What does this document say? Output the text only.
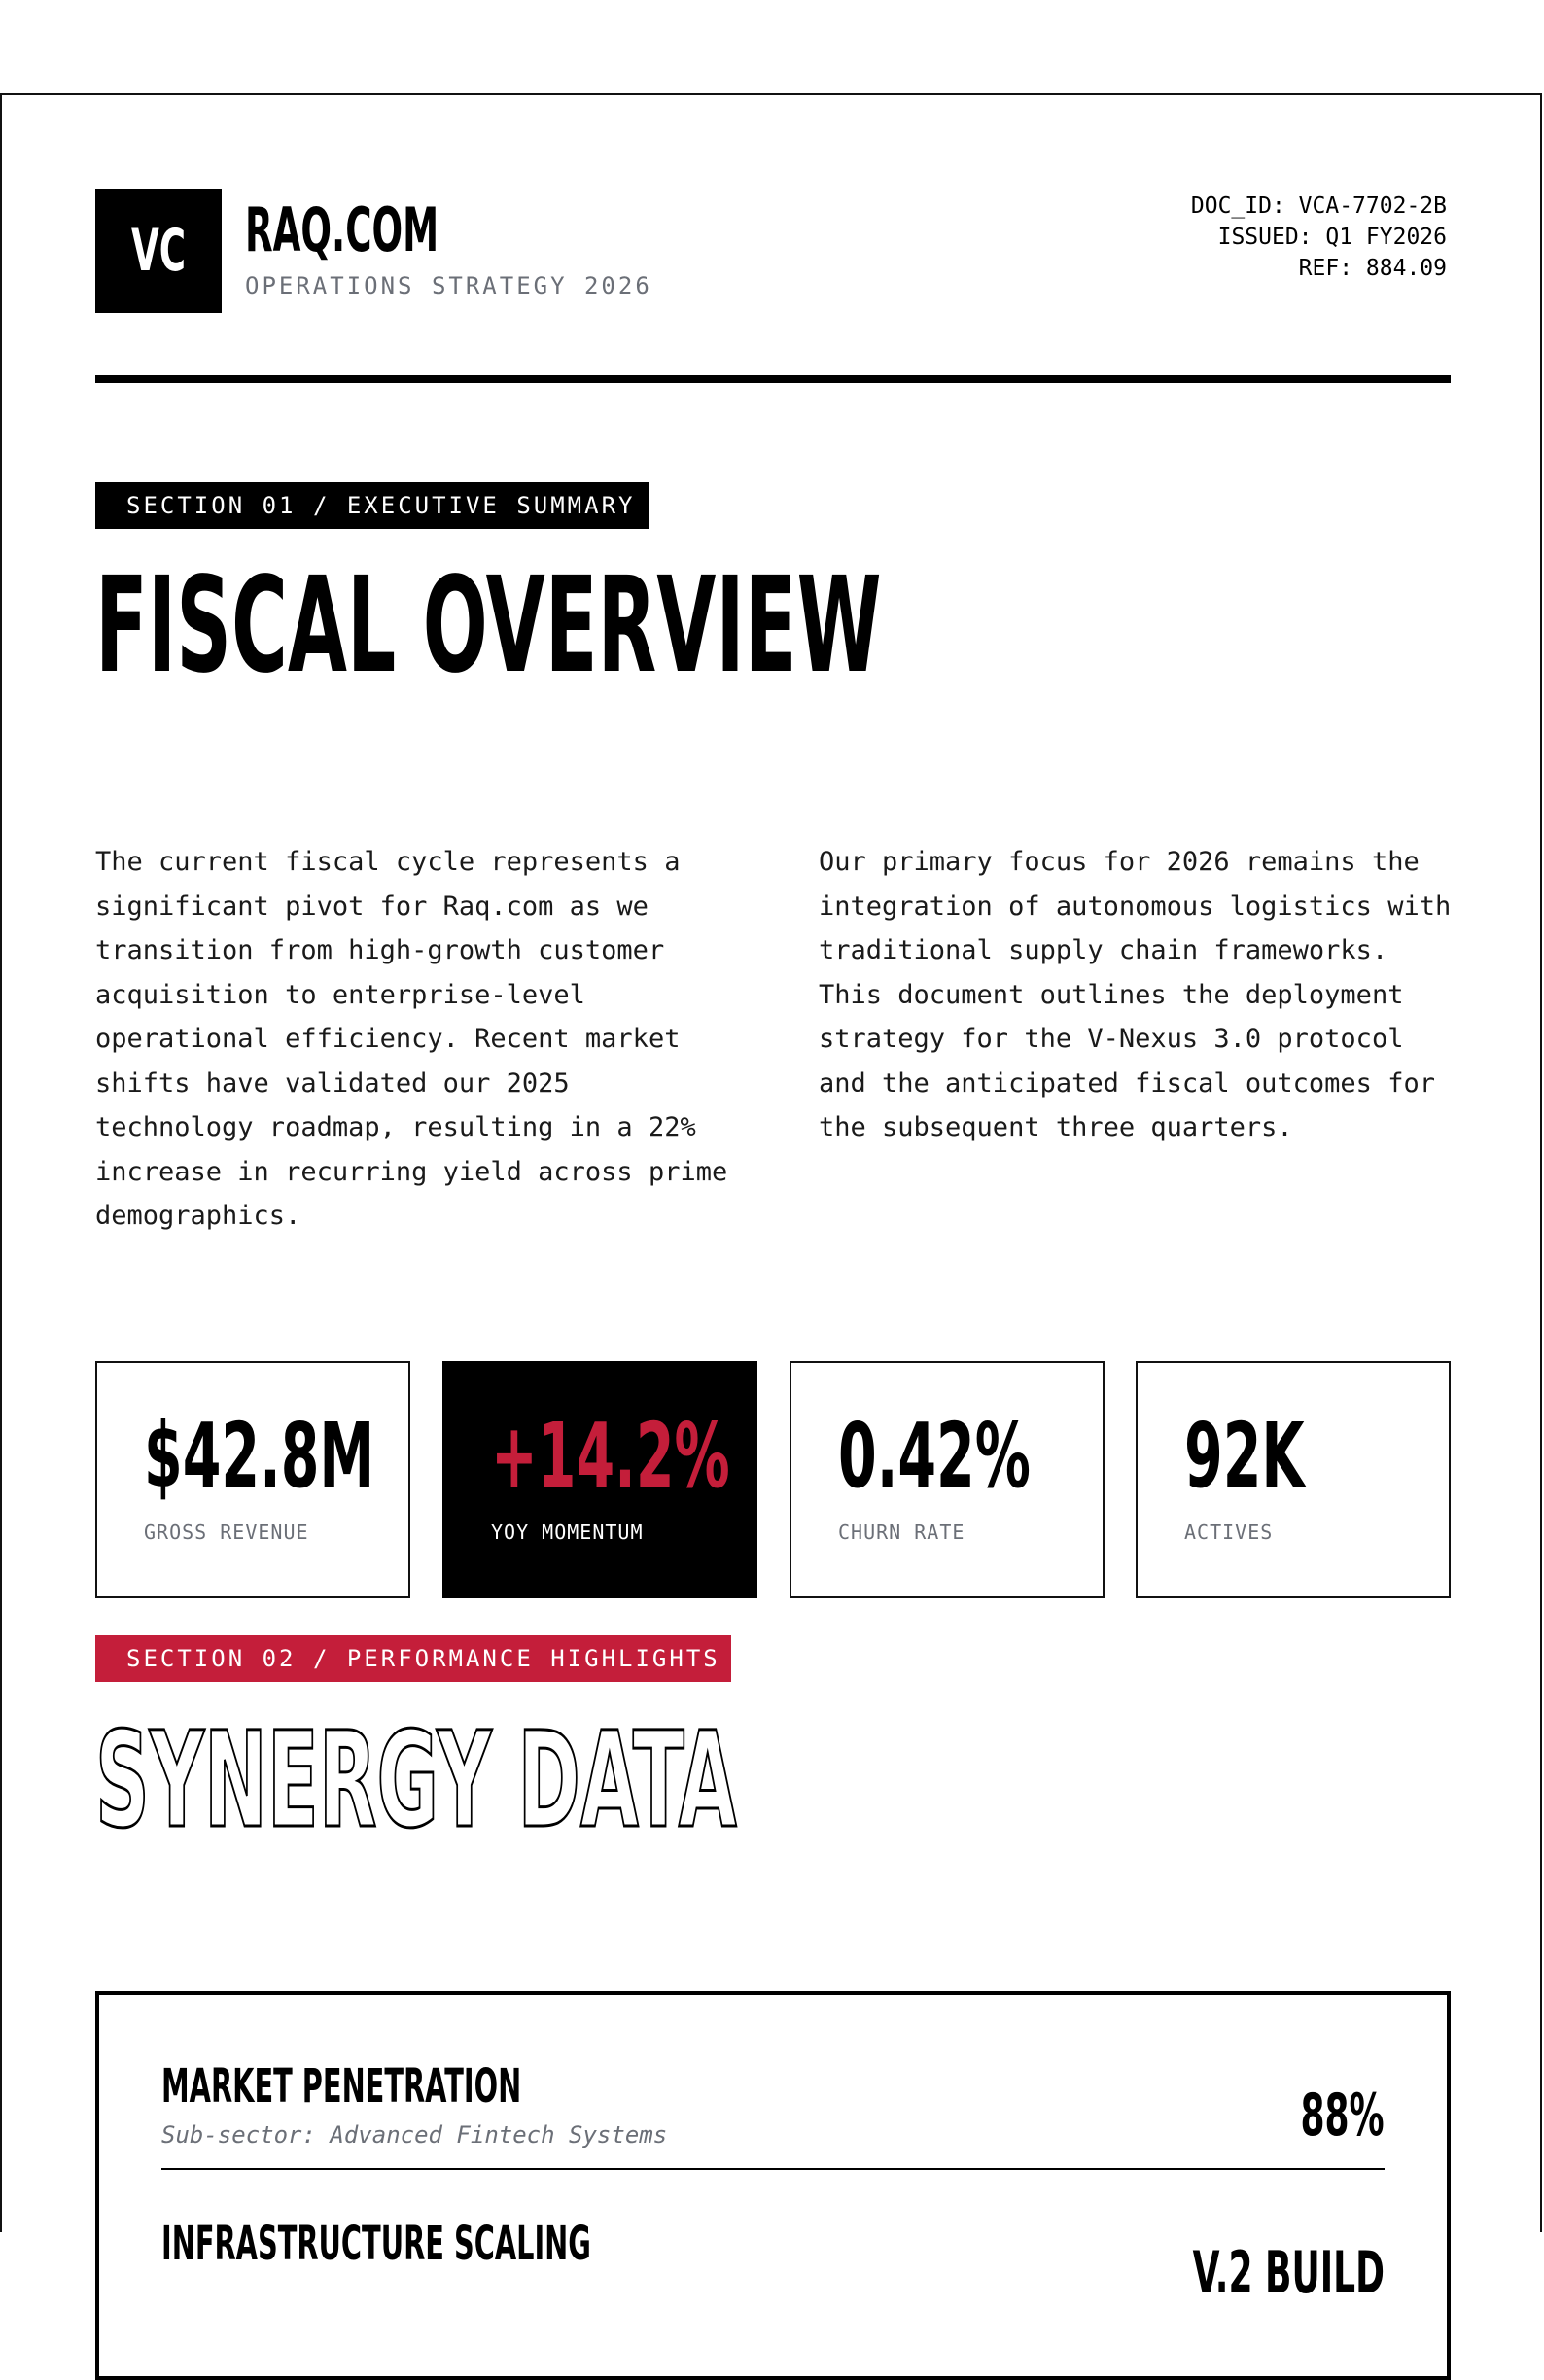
VC RAQ.COM
OPERATIONS STRATEGY 2026
DOC_ID: VCA-7702-2B
ISSUED: Q1 FY2026
REF: 884.09
SECTION 01 / EXECUTIVE SUMMARY
FISCAL OVERVIEW
The current fiscal cycle represents a significant pivot for Raq.com as we transition from high-growth customer acquisition to enterprise-level operational efficiency. Recent market shifts have validated our 2025 technology roadmap, resulting in a 22% increase in recurring yield across prime demographics.
Our primary focus for 2026 remains the integration of autonomous logistics with traditional supply chain frameworks. This document outlines the deployment strategy for the V-Nexus 3.0 protocol and the anticipated fiscal outcomes for the subsequent three quarters.
$42.8M
GROSS REVENUE
+14.2%
YOY MOMENTUM
0.42%
CHURN RATE
92K
ACTIVES
SECTION 02 / PERFORMANCE HIGHLIGHTS
SYNERGY DATA
MARKET PENETRATION
Sub-sector: Advanced Fintech Systems	88%
INFRASTRUCTURE SCALING	V.2 BUILD
